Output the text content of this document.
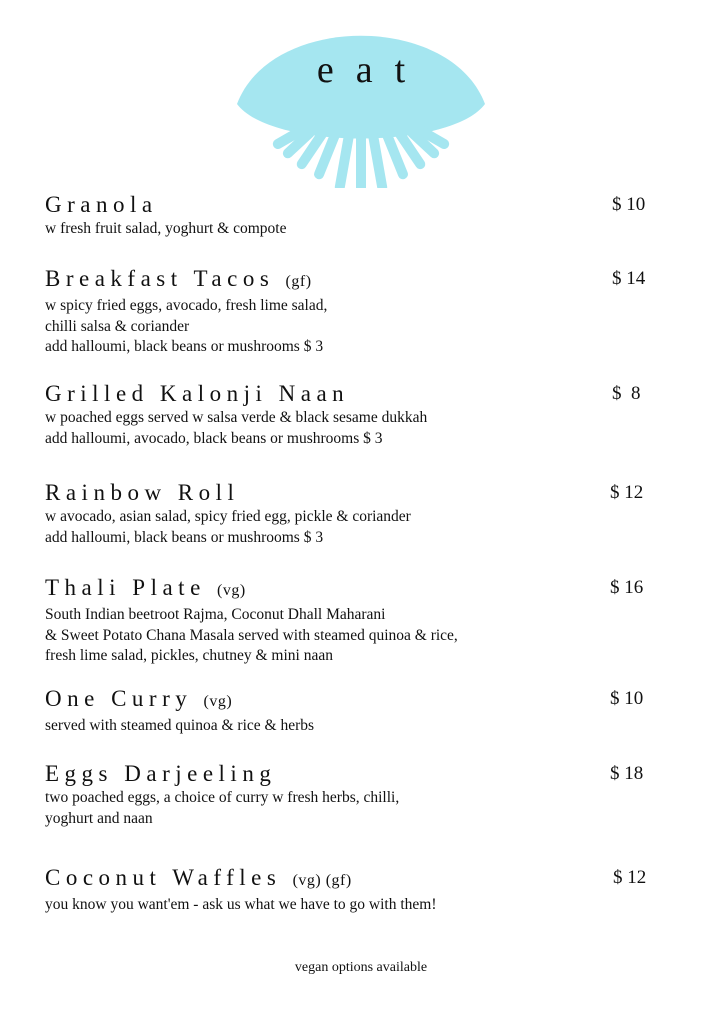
eat
Granola	$ 10
w fresh fruit salad, yoghurt & compote
Breakfast Tacos (gf)	$ 14
w spicy fried eggs, avocado, fresh lime salad,
chilli salsa & coriander
add halloumi, black beans or mushrooms $ 3
Grilled Kalonji Naan	$  8
w poached eggs served w salsa verde & black sesame dukkah
add halloumi, avocado, black beans or mushrooms $ 3
Rainbow Roll	$ 12
w avocado, asian salad, spicy fried egg, pickle & coriander
add halloumi, black beans or mushrooms $ 3
Thali Plate (vg)	$ 16
South Indian beetroot Rajma, Coconut Dhall Maharani
& Sweet Potato Chana Masala served with steamed quinoa & rice,
fresh lime salad, pickles, chutney & mini naan
One Curry (vg)	$ 10
served with steamed quinoa & rice & herbs
Eggs Darjeeling	$ 18
two poached eggs, a choice of curry w fresh herbs, chilli,
yoghurt and naan
Coconut Waffles (vg) (gf)	$ 12
you know you want'em - ask us what we have to go with them!
vegan options available
